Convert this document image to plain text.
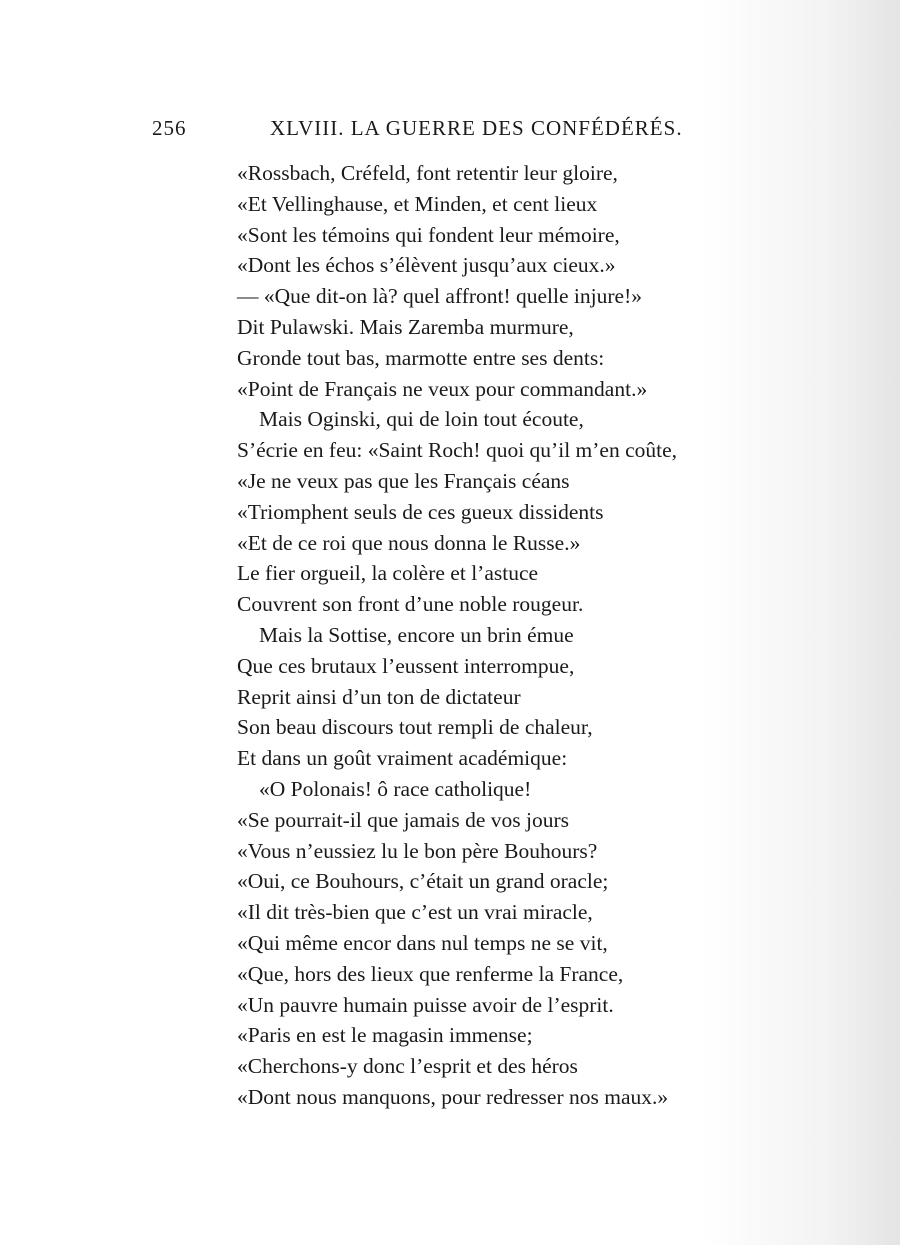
256	XLVIII. LA GUERRE DES CONFÉDÉRÉS.
«Rossbach, Créfeld, font retentir leur gloire,
«Et Vellinghause, et Minden, et cent lieux
«Sont les témoins qui fondent leur mémoire,
«Dont les échos s’élèvent jusqu’aux cieux.»
— «Que dit-on là? quel affront! quelle injure!»
Dit Pulawski. Mais Zaremba murmure,
Gronde tout bas, marmotte entre ses dents:
«Point de Français ne veux pour commandant.»
Mais Oginski, qui de loin tout écoute,
S’écrie en feu: «Saint Roch! quoi qu’il m’en coûte,
«Je ne veux pas que les Français céans
«Triomphent seuls de ces gueux dissidents
«Et de ce roi que nous donna le Russe.»
Le fier orgueil, la colère et l’astuce
Couvrent son front d’une noble rougeur.
Mais la Sottise, encore un brin émue
Que ces brutaux l’eussent interrompue,
Reprit ainsi d’un ton de dictateur
Son beau discours tout rempli de chaleur,
Et dans un goût vraiment académique:
«O Polonais! ô race catholique!
«Se pourrait-il que jamais de vos jours
«Vous n’eussiez lu le bon père Bouhours?
«Oui, ce Bouhours, c’était un grand oracle;
«Il dit très-bien que c’est un vrai miracle,
«Qui même encor dans nul temps ne se vit,
«Que, hors des lieux que renferme la France,
«Un pauvre humain puisse avoir de l’esprit.
«Paris en est le magasin immense;
«Cherchons-y donc l’esprit et des héros
«Dont nous manquons, pour redresser nos maux.»
